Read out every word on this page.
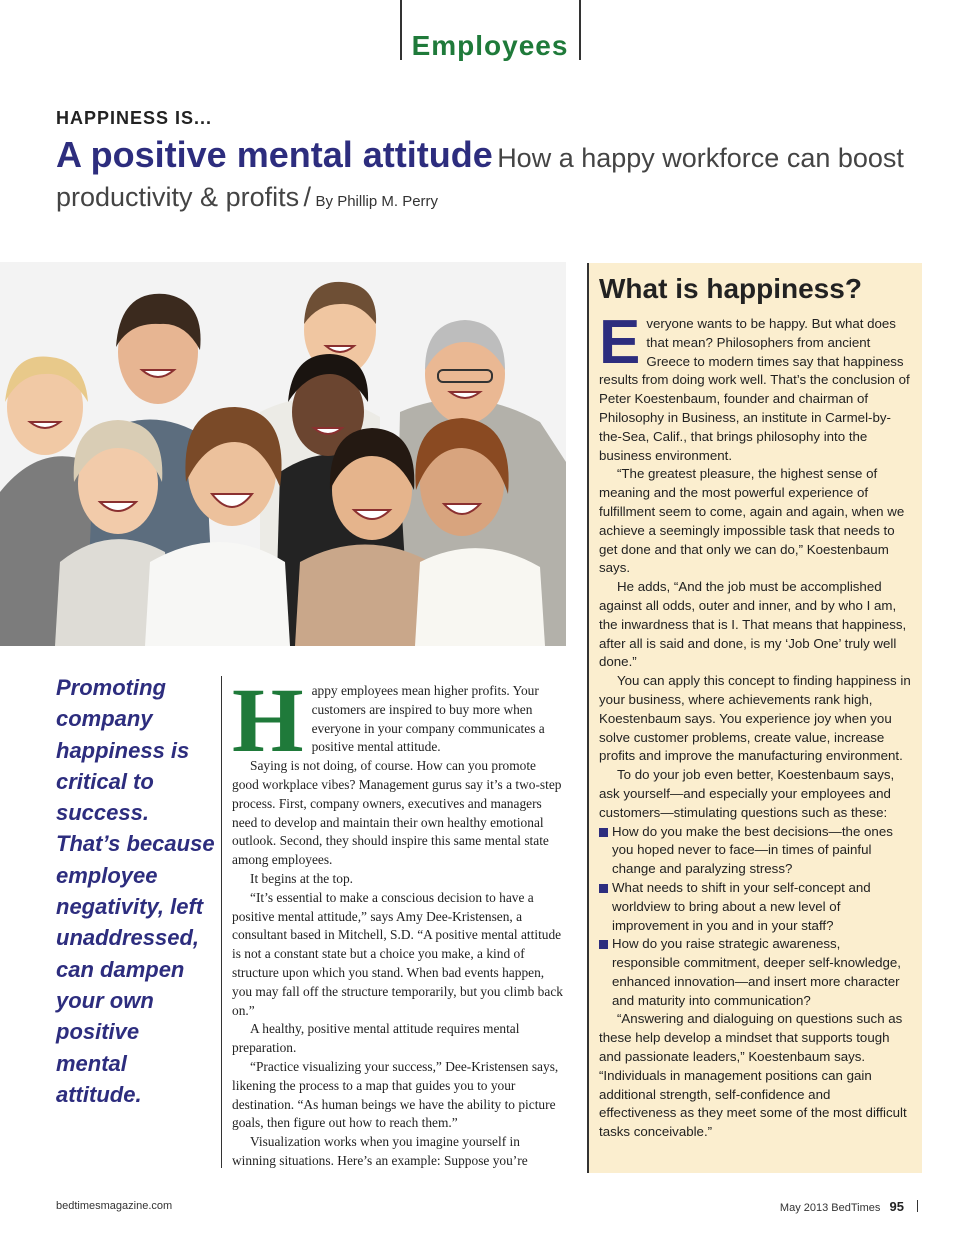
Employees
HAPPINESS IS...
A positive mental attitude How a happy workforce can boost productivity & profits / By Phillip M. Perry
Promoting company happiness is critical to success. That’s because employee negativity, left unaddressed, can dampen your own positive mental attitude.

Happy employees mean higher profits. Your customers are inspired to buy more when everyone in your company communicates a positive mental attitude.

Saying is not doing, of course. How can you promote good workplace vibes? Management gurus say it’s a two-step process. First, company owners, executives and managers need to develop and maintain their own healthy emotional outlook. Second, they should inspire this same mental state among employees.

It begins at the top.

“It’s essential to make a conscious decision to have a positive mental attitude,” says Amy Dee-Kristensen, a consultant based in Mitchell, S.D. “A positive mental attitude is not a constant state but a choice you make, a kind of structure upon which you stand. When bad events happen, you may fall off the structure temporarily, but you climb back on.”

A healthy, positive mental attitude requires mental preparation.

“Practice visualizing your success,” Dee-Kristensen says, likening the process to a map that guides you to your destination. “As human beings we have the ability to picture goals, then figure out how to reach them.”

Visualization works when you imagine yourself in winning situations. Here’s an example: Suppose you’re

What is happiness?

Everyone wants to be happy. But what does that mean? Philosophers from ancient Greece to modern times say that happiness results from doing work well. That’s the conclusion of Peter Koestenbaum, founder and chairman of Philosophy in Business, an institute in Carmel-by-the-Sea, Calif., that brings philosophy into the business environment.

“The greatest pleasure, the highest sense of meaning and the most powerful experience of fulfillment seem to come, again and again, when we achieve a seemingly impossible task that needs to get done and that only we can do,” Koestenbaum says.

He adds, “And the job must be accomplished against all odds, outer and inner, and by who I am, the inwardness that is I. That means that happiness, after all is said and done, is my ‘Job One’ truly well done.”

You can apply this concept to finding happiness in your business, where achievements rank high, Koestenbaum says. You experience joy when you solve customer problems, create value, increase profits and improve the manufacturing environment.

To do your job even better, Koestenbaum says, ask yourself—and especially your employees and customers—stimulating questions such as these:

How do you make the best decisions—the ones you hoped never to face—in times of painful change and paralyzing stress?
What needs to shift in your self-concept and worldview to bring about a new level of improvement in you and in your staff?
How do you raise strategic awareness, responsible commitment, deeper self-knowledge, enhanced innovation—and insert more character and maturity into communication?

“Answering and dialoguing on questions such as these help develop a mindset that supports tough and passionate leaders,” Koestenbaum says. “Individuals in management positions can gain additional strength, self-confidence and effectiveness as they meet some of the most difficult tasks conceivable.”

bedtimesmagazine.com	May 2013 BedTimes 95
